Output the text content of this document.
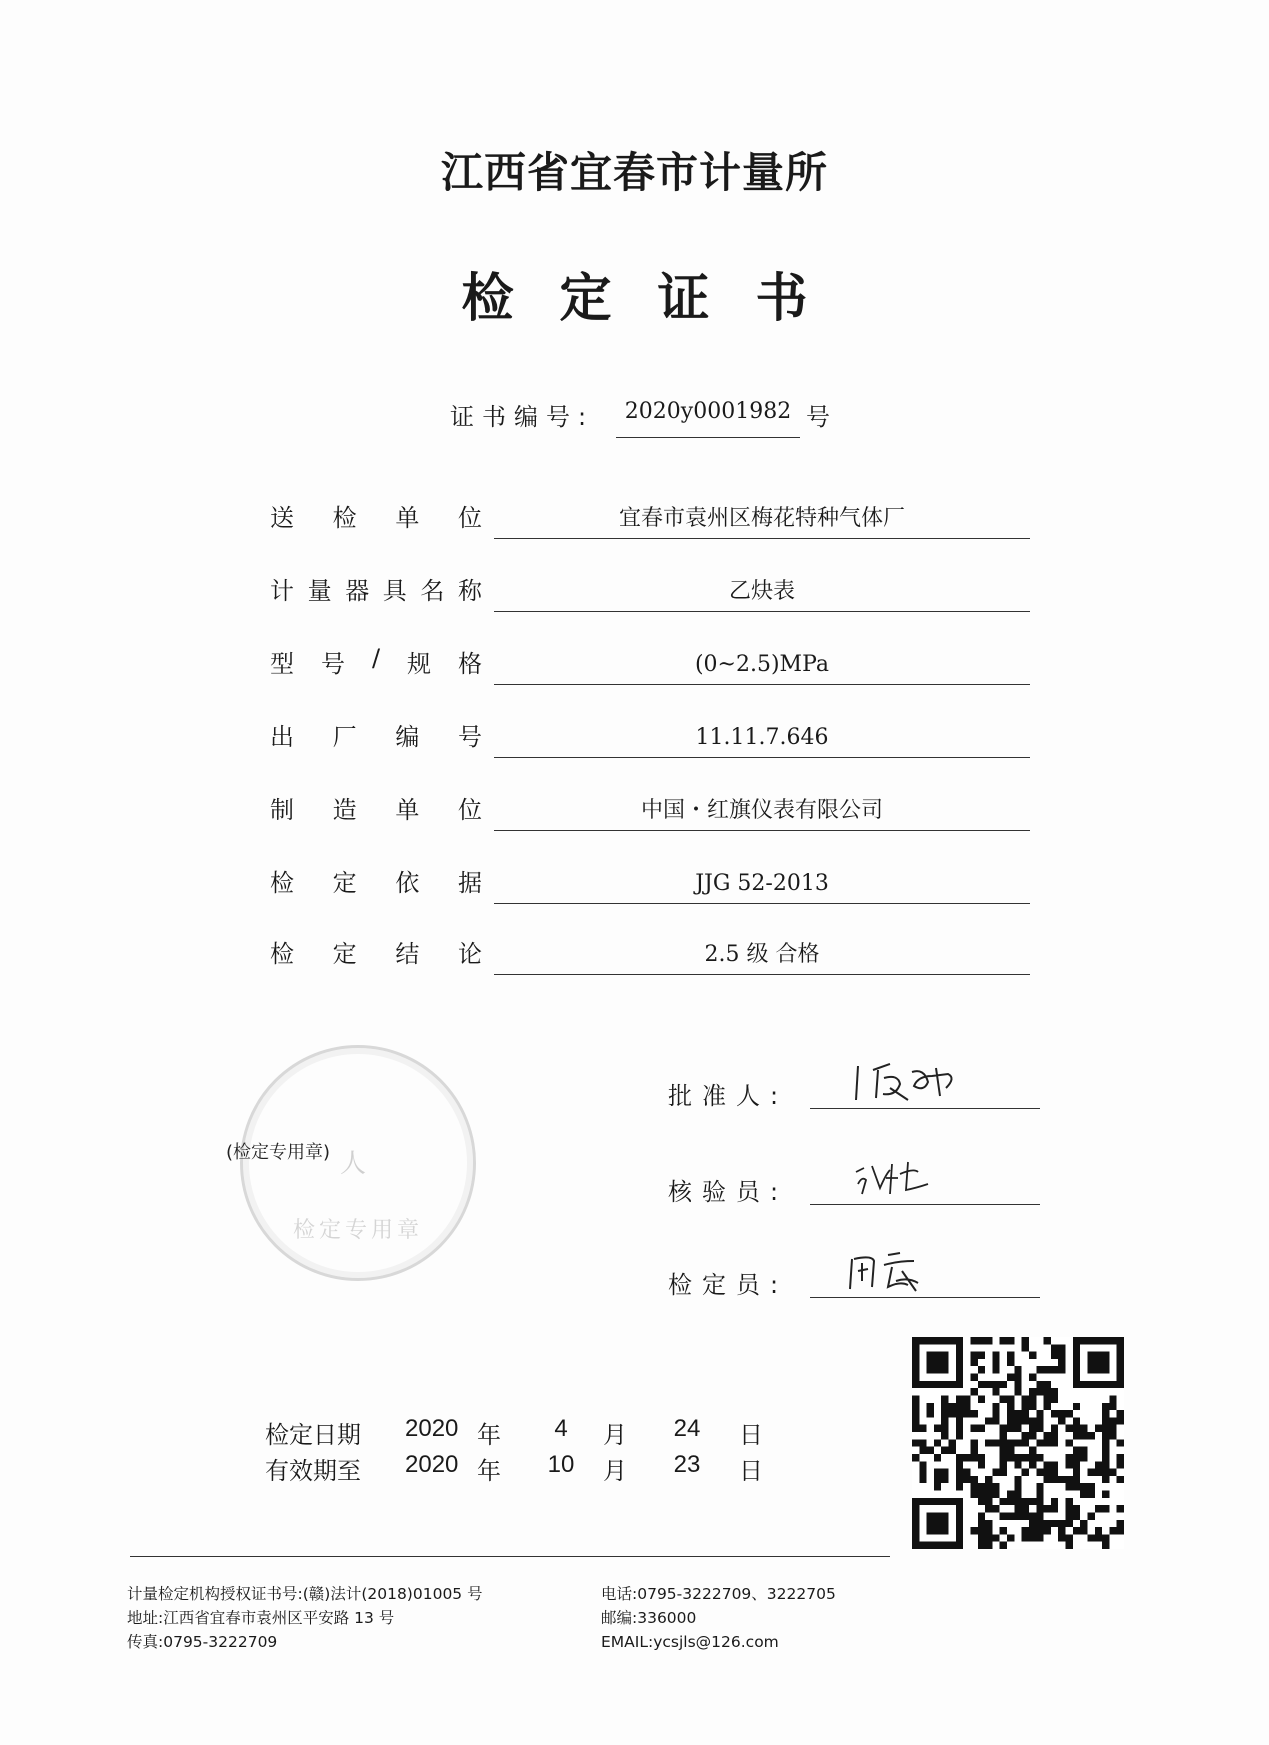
江西省宜春市计量所
检定证书
证书编号:	2020y0001982 号
送 检 单 位	宜春市袁州区梅花特种气体厂
计 量 器 具 名 称	乙炔表
型 号 / 规 格	(0~2.5)MPa
出 厂 编 号	11.11.7.646
制 造 单 位	中国・红旗仪表有限公司
检 定 依 据	JJG 52-2013
检 定 结 论	2.5 级 合格
人
检定专用章
(检定专用章)
批准人:
核验员:
检定员:
检定日期 2020 年	4	月 24 日
有效期至 2020 年 10 月 23 日
计量检定机构授权证书号:(赣)法计(2018)01005 号
地址:江西省宜春市袁州区平安路 13 号
传真:0795-3222709
电话:0795-3222709、3222705
邮编:336000
EMAIL:ycsjls@126.com
